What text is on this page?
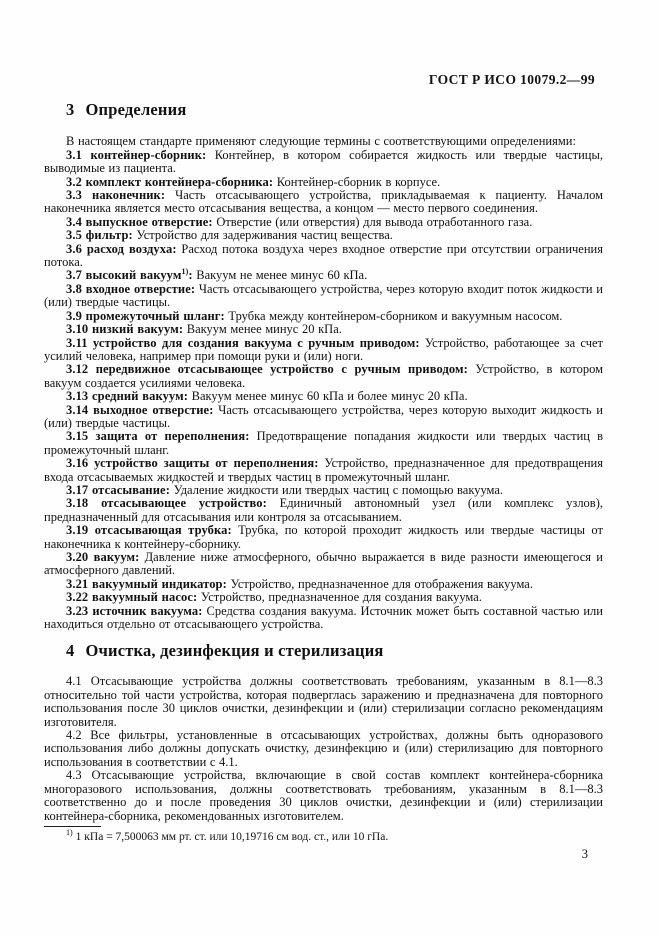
ГОСТ Р ИСО 10079.2—99
3 Определения

В настоящем стандарте применяют следующие термины с соответствующими определениями:

3.1 контейнер-сборник: Контейнер, в котором собирается жидкость или твердые частицы, выводимые из пациента.

3.2 комплект контейнера-сборника: Контейнер-сборник в корпусе.

3.3 наконечник: Часть отсасывающего устройства, прикладываемая к пациенту. Началом наконечника является место отсасывания вещества, а концом — место первого соединения.

3.4 выпускное отверстие: Отверстие (или отверстия) для вывода отработанного газа.

3.5 фильтр: Устройство для задерживания частиц вещества.

3.6 расход воздуха: Расход потока воздуха через входное отверстие при отсутствии ограничения потока.

3.7 высокий вакуум$^{1)}$: Вакуум не менее минус 60 кПа.

3.8 входное отверстие: Часть отсасывающего устройства, через которую входит поток жидкости и (или) твердые частицы.

3.9 промежуточный шланг: Трубка между контейнером-сборником и вакуумным насосом.

3.10 низкий вакуум: Вакуум менее минус 20 кПа.

3.11 устройство для создания вакуума с ручным приводом: Устройство, работающее за счет усилий человека, например при помощи руки и (или) ноги.

3.12 передвижное отсасывающее устройство с ручным приводом: Устройство, в котором вакуум создается усилиями человека.

3.13 средний вакуум: Вакуум менее минус 60 кПа и более минус 20 кПа.

3.14 выходное отверстие: Часть отсасывающего устройства, через которую выходит жидкость и (или) твердые частицы.

3.15 защита от переполнения: Предотвращение попадания жидкости или твердых частиц в промежуточный шланг.

3.16 устройство защиты от переполнения: Устройство, предназначенное для предотвращения входа отсасываемых жидкостей и твердых частиц в промежуточный шланг.

3.17 отсасывание: Удаление жидкости или твердых частиц с помощью вакуума.

3.18 отсасывающее устройство: Единичный автономный узел (или комплекс узлов), предназначенный для отсасывания или контроля за отсасыванием.

3.19 отсасывающая трубка: Трубка, по которой проходит жидкость или твердые частицы от наконечника к контейнеру-сборнику.

3.20 вакуум: Давление ниже атмосферного, обычно выражается в виде разности имеющегося и атмосферного давлений.

3.21 вакуумный индикатор: Устройство, предназначенное для отображения вакуума.

3.22 вакуумный насос: Устройство, предназначенное для создания вакуума.

3.23 источник вакуума: Средства создания вакуума. Источник может быть составной частью или находиться отдельно от отсасывающего устройства.

4 Очистка, дезинфекция и стерилизация

4.1 Отсасывающие устройства должны соответствовать требованиям, указанным в 8.1—8.3 относительно той части устройства, которая подверглась заражению и предназначена для повторного использования после 30 циклов очистки, дезинфекции и (или) стерилизации согласно рекомендациям изготовителя.

4.2 Все фильтры, установленные в отсасывающих устройствах, должны быть одноразового использования либо должны допускать очистку, дезинфекцию и (или) стерилизацию для повторного использования в соответствии с 4.1.

4.3 Отсасывающие устройства, включающие в свой состав комплект контейнера-сборника многоразового использования, должны соответствовать требованиям, указанным в 8.1—8.3 соответственно до и после проведения 30 циклов очистки, дезинфекции и (или) стерилизации контейнера-сборника, рекомендованных изготовителем.

$^{1)}$ 1 кПа = 7,500063 мм рт. ст. или 10,19716 см вод. ст., или 10 гПа.

3
